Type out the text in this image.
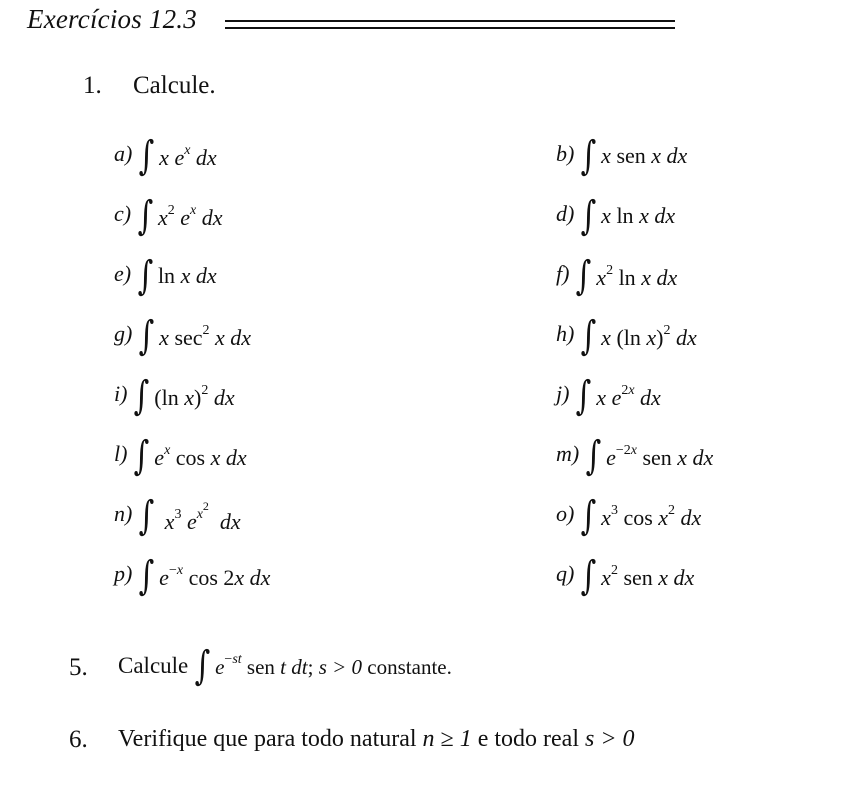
Exercícios 12.3
1. Calcule.
a) ∫ x $e^x$ dx
c) ∫ $x^2$ $e^x$ dx
e) ∫ ln x dx
g) ∫ x $\sec^2 x$ dx
i) ∫ (ln x)$^2$ dx
l) ∫ $e^x$ cos x dx
n) ∫ $x^3$ $e^{x2}$  dx
p) ∫ $e^{-x}$ cos 2x dx
b) ∫ x sen x dx
d) ∫ x ln x dx
f) ∫ $x^2$ ln x dx
h) ∫ x (ln x)$^2$ dx
j) ∫ x $e^{2x}$ dx
m) ∫ $e^{-2x}$ sen x dx
o) ∫ $x^3$ $\cos x^2$ dx
q) ∫ $x^2$ sen x dx
5. Calcule ∫ $e^{-st}$ sen t dt; s > 0 constante.
6. Verifique que para todo natural n ≥ 1 e todo real s > 0
